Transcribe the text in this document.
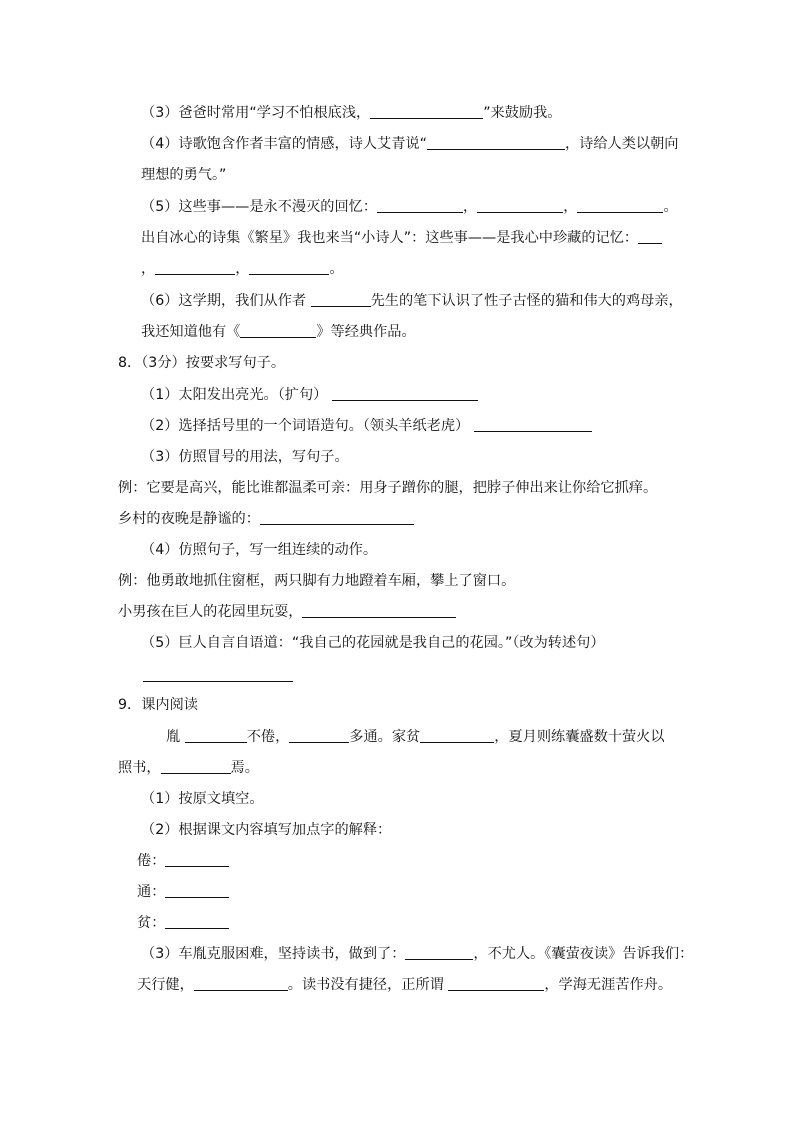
（3）爸爸时常用“学习不怕根底浅，	”来鼓励我。

（4）诗歌饱含作者丰富的情感，诗人艾青说“	，诗给人类以朝向

理想的勇气。”

（5）这些事——是永不漫灭的回忆：	，	，	。

出自冰心的诗集《繁星》我也来当“小诗人”：这些事——是我心中珍藏的记忆：

，	，	。

（6）这学期，我们从作者	先生的笔下认识了性子古怪的猫和伟大的鸡母亲，

我还知道他有《	》等经典作品。

8．（3分）按要求写句子。

（1）太阳发出亮光。（扩句）

（2）选择括号里的一个词语造句。（领头羊纸老虎）

（3）仿照冒号的用法，写句子。

例：它要是高兴，能比谁都温柔可亲：用身子蹭你的腿，把脖子伸出来让你给它抓痒。

乡村的夜晚是静谧的：

（4）仿照句子，写一组连续的动作。

例：他勇敢地抓住窗框，两只脚有力地蹬着车厢，攀上了窗口。

小男孩在巨人的花园里玩耍，

（5）巨人自言自语道：“我自己的花园就是我自己的花园。”（改为转述句）

9．课内阅读

胤	不倦，	多通。家贫	，夏月则练囊盛数十萤火以

照书，	焉。

（1）按原文填空。

（2）根据课文内容填写加点字的解释：

倦：

通：

贫：

（3）车胤克服困难，坚持读书，做到了：	，不尤人。《囊萤夜读》告诉我们：

天行健，	。读书没有捷径，正所谓	，学海无涯苦作舟。
